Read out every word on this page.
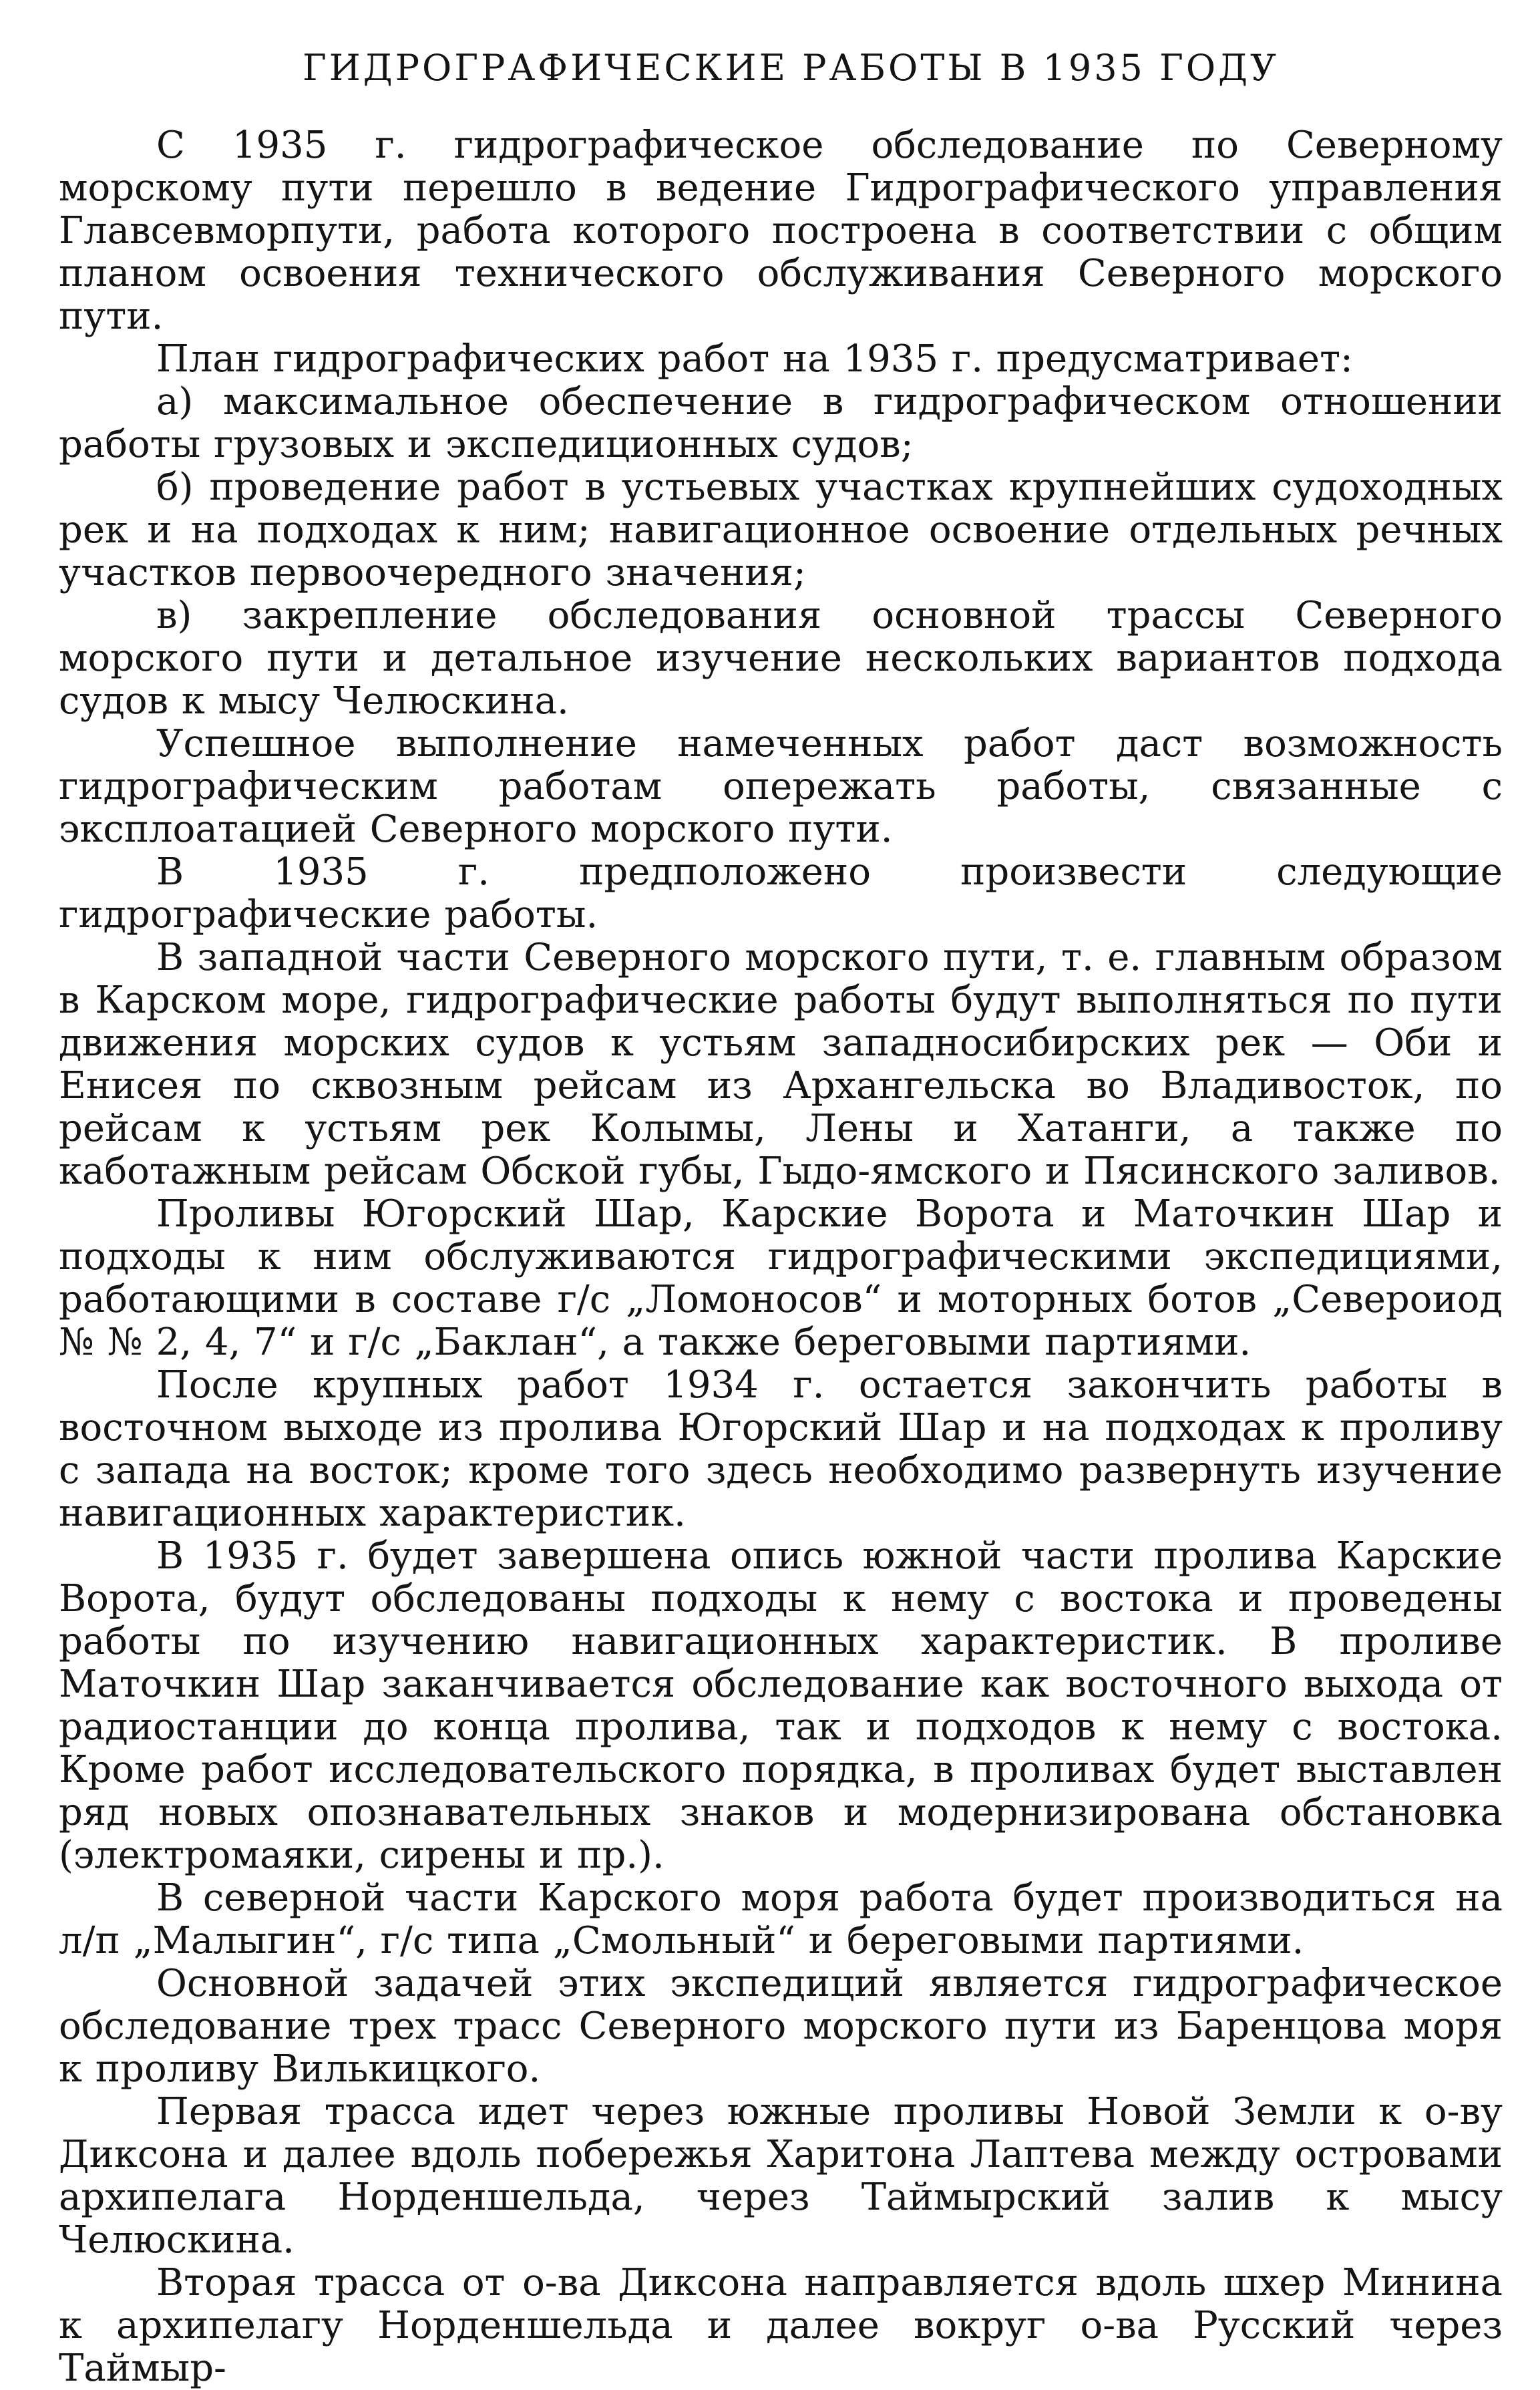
ГИДРОГРАФИЧЕСКИЕ РАБОТЫ В 1935 ГОДУ

С 1935 г. гидрографическое обследование по Северному морскому пути перешло в ведение Гидрографического управления Главсевморпути, работа которого построена в соответствии с общим планом освоения технического обслуживания Северного морского пути.

План гидрографических работ на 1935 г. предусматривает:

а) максимальное обеспечение в гидрографическом отношении работы грузовых и экспедиционных судов;

б) проведение работ в устьевых участках крупнейших судоходных рек и на подходах к ним; навигационное освоение отдельных речных участков первоочередного значения;

в) закрепление обследования основной трассы Северного морского пути и детальное изучение нескольких вариантов подхода судов к мысу Челюскина.

Успешное выполнение намеченных работ даст возможность гидрографическим работам опережать работы, связанные с эксплоатацией Северного морского пути.

В 1935 г. предположено произвести следующие гидрографические работы.

В западной части Северного морского пути, т. е. главным образом в Карском море, гидрографические работы будут выполняться по пути движения морских судов к устьям западносибирских рек — Оби и Енисея по сквозным рейсам из Архангельска во Владивосток, по рейсам к устьям рек Колымы, Лены и Хатанги, а также по каботажным рейсам Обской губы, Гыдо-ямского и Пясинского заливов.

Проливы Югорский Шар, Карские Ворота и Маточкин Шар и подходы к ним обслуживаются гидрографическими экспедициями, работающими в составе г/с „Ломоносов“ и моторных ботов „Североиод № № 2, 4, 7“ и г/с „Баклан“, а также береговыми партиями.

После крупных работ 1934 г. остается закончить работы в восточном выходе из пролива Югорский Шар и на подходах к проливу с запада на восток; кроме того здесь необходимо развернуть изучение навигационных характеристик.

В 1935 г. будет завершена опись южной части пролива Карские Ворота, будут обследованы подходы к нему с востока и проведены работы по изучению навигационных характеристик. В проливе Маточкин Шар заканчивается обследование как восточного выхода от радиостанции до конца пролива, так и подходов к нему с востока. Кроме работ исследовательского порядка, в проливах будет выставлен ряд новых опознавательных знаков и модернизирована обстановка (электромаяки, сирены и пр.).

В северной части Карского моря работа будет производиться на л/п „Малыгин“, г/с типа „Смольный“ и береговыми партиями.

Основной задачей этих экспедиций является гидрографическое обследование трех трасс Северного морского пути из Баренцова моря к проливу Вилькицкого.

Первая трасса идет через южные проливы Новой Земли к о-ву Диксона и далее вдоль побережья Харитона Лаптева между островами архипелага Норденшельда, через Таймырский залив к мысу Челюскина.

Вторая трасса от о-ва Диксона направляется вдоль шхер Минина к архипелагу Норденшельда и далее вокруг о-ва Русский через Таймыр-
